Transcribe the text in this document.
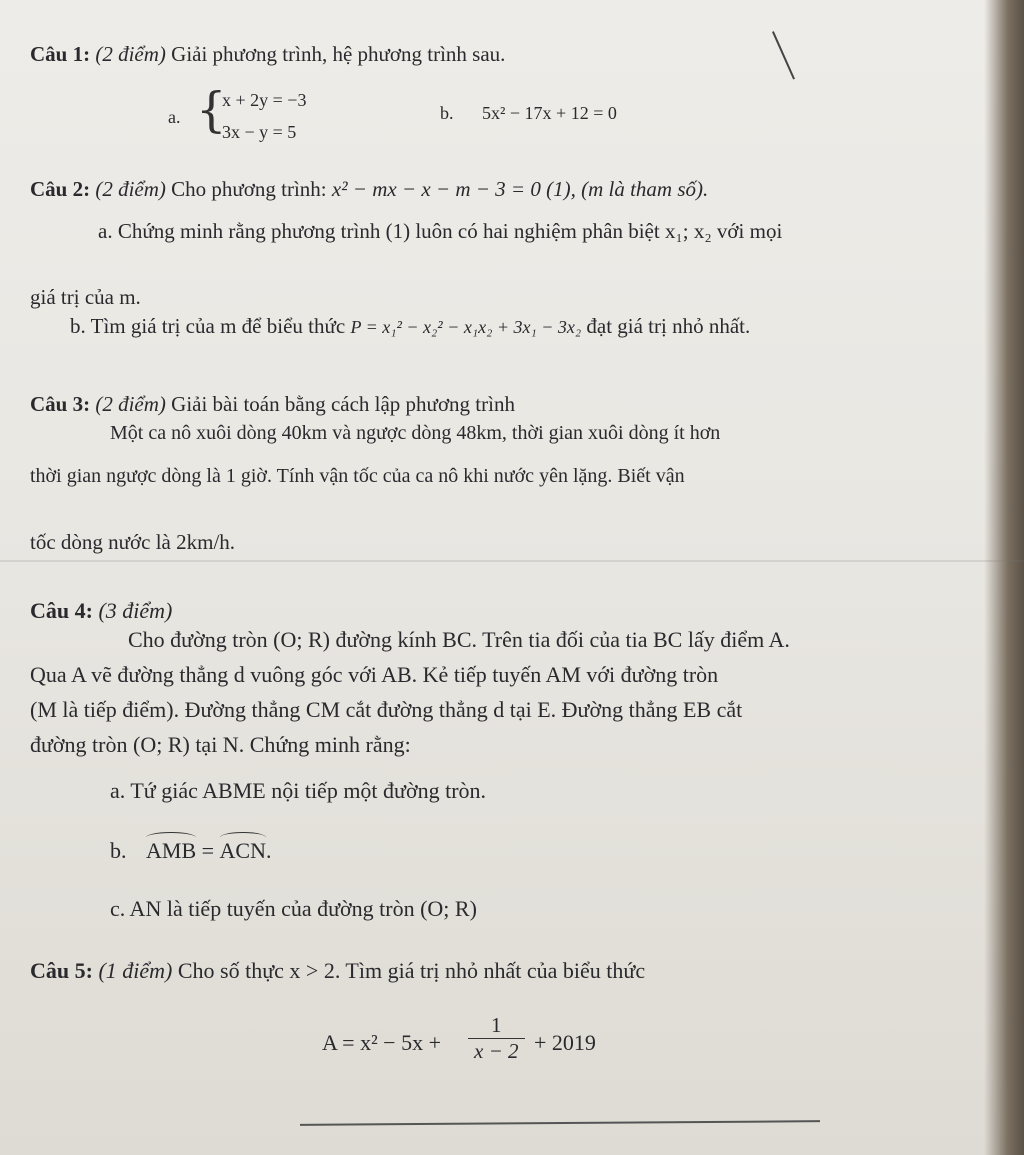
Câu 1: (2 điểm) Giải phương trình, hệ phương trình sau.
a. {
x + 2y = −3
3x − y = 5
b. 5x² − 17x + 12 = 0
Câu 2: (2 điểm) Cho phương trình: x² − mx − x − m − 3 = 0 (1), (m là tham số).
a. Chứng minh rằng phương trình (1) luôn có hai nghiệm phân biệt x₁; x₂ với mọi
giá trị của m.
b. Tìm giá trị của m để biểu thức P = x₁² − x₂² − x₁x₂ + 3x₁ − 3x₂ đạt giá trị nhỏ nhất.
Câu 3: (2 điểm) Giải bài toán bằng cách lập phương trình
Một ca nô xuôi dòng 40km và ngược dòng 48km, thời gian xuôi dòng ít hơn
thời gian ngược dòng là 1 giờ. Tính vận tốc của ca nô khi nước yên lặng. Biết vận
tốc dòng nước là 2km/h.
Câu 4: (3 điểm)
Cho đường tròn (O; R) đường kính BC. Trên tia đối của tia BC lấy điểm A.
Qua A vẽ đường thẳng d vuông góc với AB. Kẻ tiếp tuyến AM với đường tròn
(M là tiếp điểm). Đường thẳng CM cắt đường thẳng d tại E. Đường thẳng EB cắt
đường tròn (O; R) tại N. Chứng minh rằng:
a. Tứ giác ABME nội tiếp một đường tròn.
b. AMB = ACN.
c. AN là tiếp tuyến của đường tròn (O; R)
Câu 5: (1 điểm) Cho số thực x > 2. Tìm giá trị nhỏ nhất của biểu thức
$A = x^2 - 5x + \frac{1}{x - 2} + 2019$
